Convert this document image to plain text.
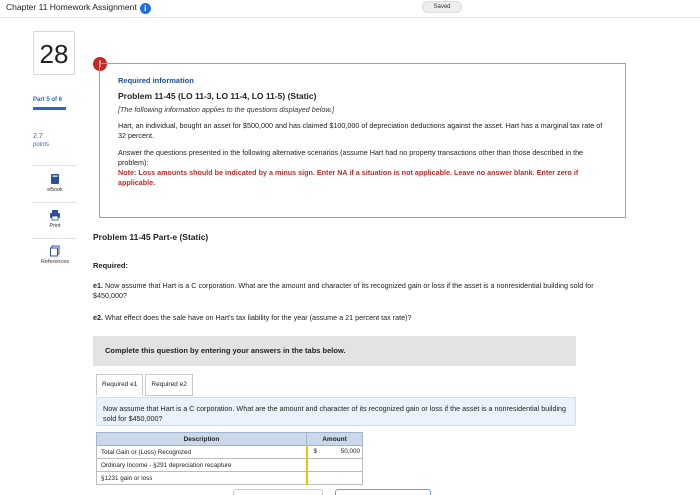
Chapter 11 Homework Assignment i	Saved
28
Part 5 of 6
2.7
points
eBook
Print
References
!
Required information
Problem 11-45 (LO 11-3, LO 11-4, LO 11-5) (Static)
[The following information applies to the questions displayed below.]
Hart, an individual, bought an asset for $500,000 and has claimed $100,000 of depreciation deductions against the asset. Hart has a marginal tax rate of 32 percent.
Answer the questions presented in the following alternative scenarios (assume Hart had no property transactions other than those described in the problem):
Note: Loss amounts should be indicated by a minus sign. Enter NA if a situation is not applicable. Leave no answer blank. Enter zero if applicable.
Problem 11-45 Part-e (Static)
Required:
e1. Now assume that Hart is a C corporation. What are the amount and character of its recognized gain or loss if the asset is a nonresidential building sold for $450,000?
e2. What effect does the sale have on Hart's tax liability for the year (assume a 21 percent tax rate)?
Complete this question by entering your answers in the tabs below.
Required e1	Required e2
Now assume that Hart is a C corporation. What are the amount and character of its recognized gain or loss if the asset is a nonresidential building sold for $450,000?
Description	Amount
Total Gain or (Loss) Recognized	$ 50,000

Ordinary Income - §291 depreciation recapture	
§1231 gain or loss	
